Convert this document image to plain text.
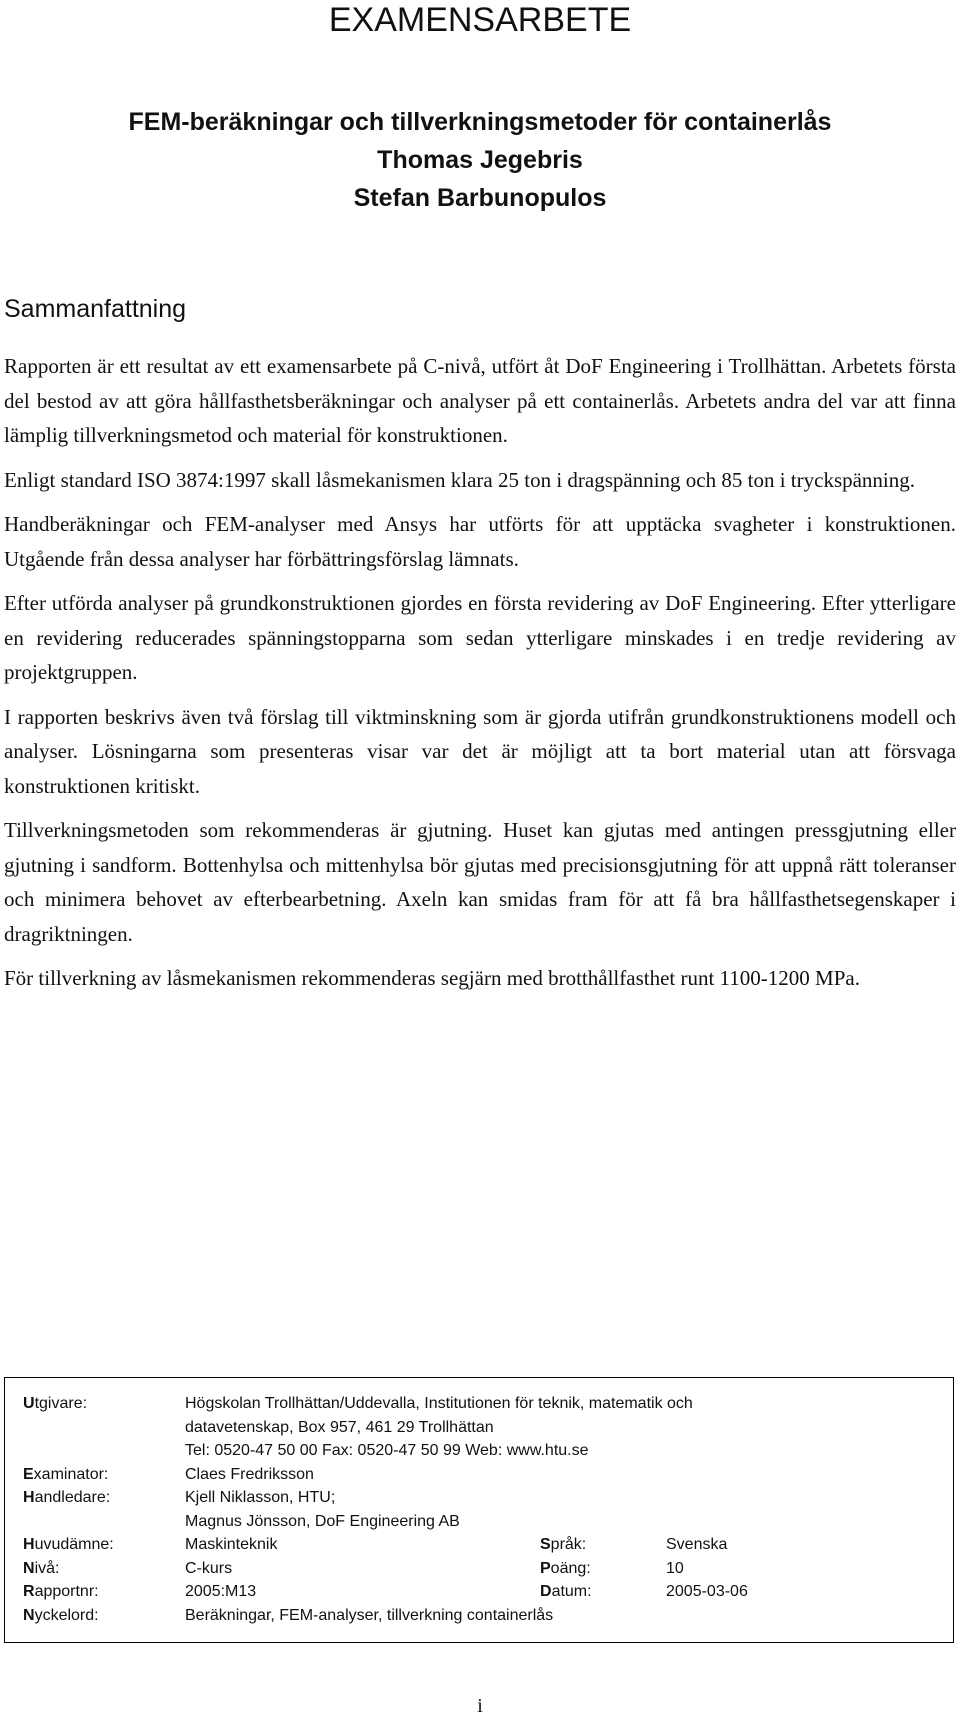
EXAMENSARBETE
FEM-beräkningar och tillverkningsmetoder för containerlås
Thomas Jegebris
Stefan Barbunopulos
Sammanfattning

Rapporten är ett resultat av ett examensarbete på C-nivå, utfört åt DoF Engineering i Trollhättan. Arbetets första del bestod av att göra hållfasthetsberäkningar och analyser på ett containerlås. Arbetets andra del var att finna lämplig tillverkningsmetod och material för konstruktionen.

Enligt standard ISO 3874:1997 skall låsmekanismen klara 25 ton i dragspänning och 85 ton i tryckspänning.

Handberäkningar och FEM-analyser med Ansys har utförts för att upptäcka svagheter i konstruktionen. Utgående från dessa analyser har förbättringsförslag lämnats.

Efter utförda analyser på grundkonstruktionen gjordes en första revidering av DoF Engineering. Efter ytterligare en revidering reducerades spänningstopparna som sedan ytterligare minskades i en tredje revidering av projektgruppen.

I rapporten beskrivs även två förslag till viktminskning som är gjorda utifrån grundkonstruktionens modell och analyser. Lösningarna som presenteras visar var det är möjligt att ta bort material utan att försvaga konstruktionen kritiskt.

Tillverkningsmetoden som rekommenderas är gjutning. Huset kan gjutas med antingen pressgjutning eller gjutning i sandform. Bottenhylsa och mittenhylsa bör gjutas med precisionsgjutning för att uppnå rätt toleranser och minimera behovet av efterbearbetning. Axeln kan smidas fram för att få bra hållfasthetsegenskaper i dragriktningen.

För tillverkning av låsmekanismen rekommenderas segjärn med brotthållfasthet runt 1100-1200 MPa.

Utgivare:	Högskolan Trollhättan/Uddevalla, Institutionen för teknik, matematik och
datavetenskap, Box 957, 461 29 Trollhättan
Tel: 0520-47 50 00 Fax: 0520-47 50 99 Web: www.htu.se
Examinator:	Claes Fredriksson
Handledare:	Kjell Niklasson, HTU;
Magnus Jönsson, DoF Engineering AB
Huvudämne:	Maskinteknik	Språk:	Svenska
Nivå:	C-kurs	Poäng:	10
Rapportnr:	2005:M13	Datum:	2005-03-06
Nyckelord:	Beräkningar, FEM-analyser, tillverkning containerlås
i
